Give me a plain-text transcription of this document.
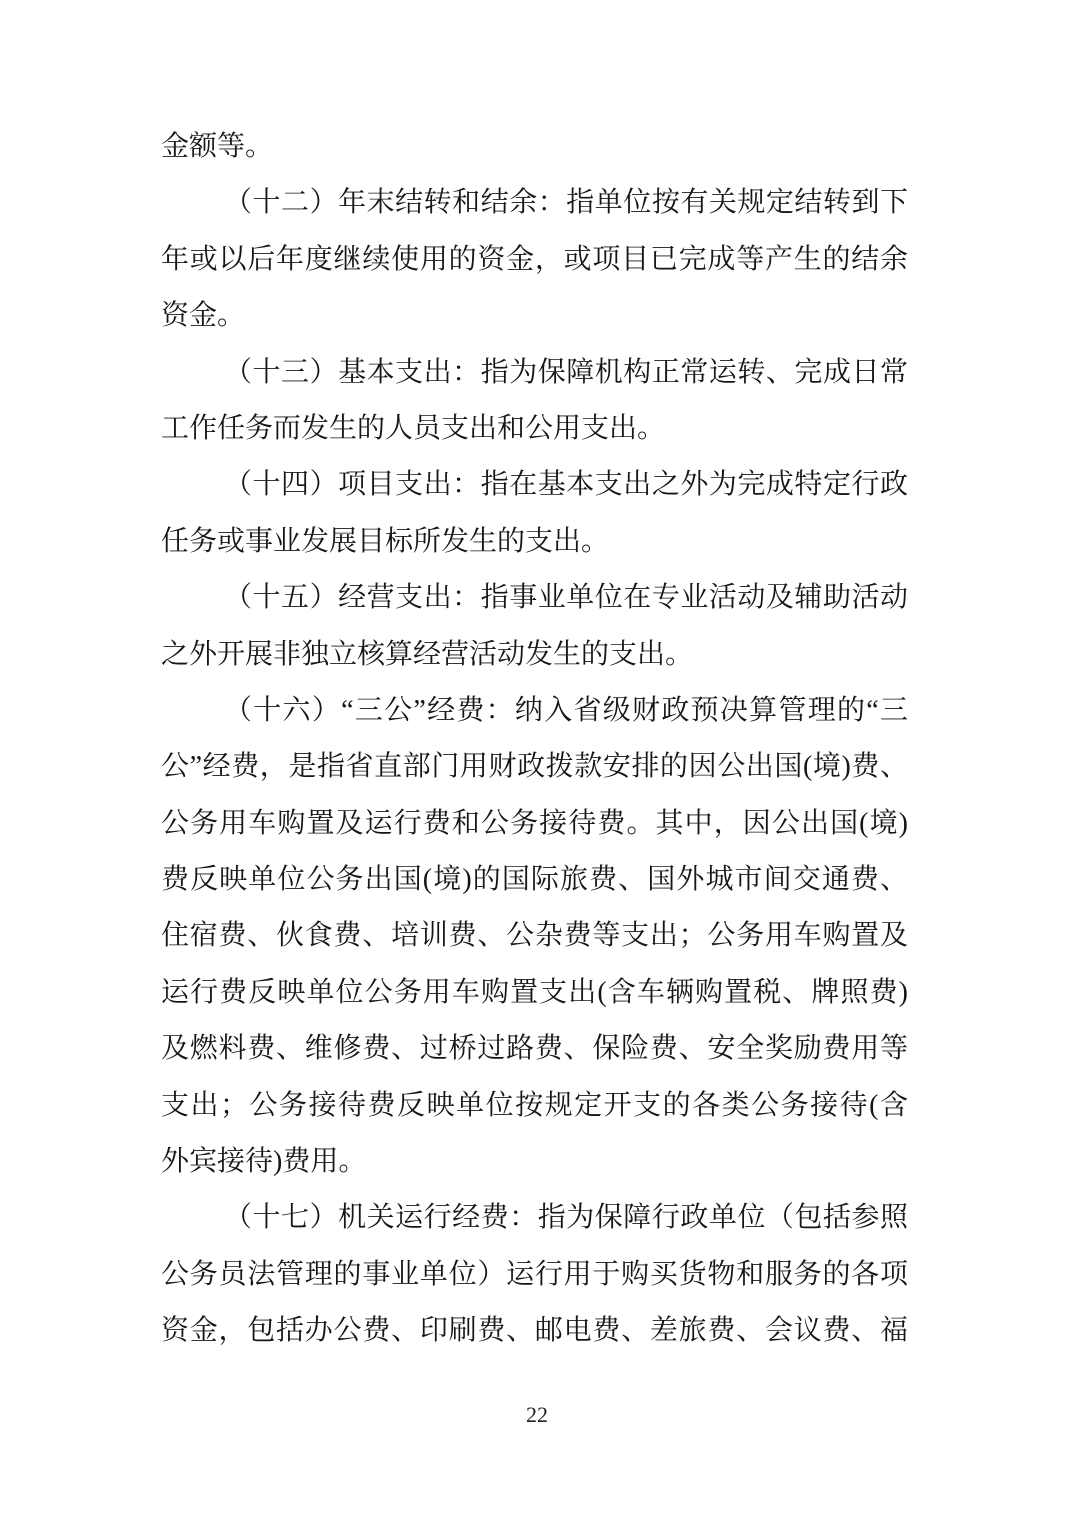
金额等。
（十二）年末结转和结余：指单位按有关规定结转到下
年或以后年度继续使用的资金，或项目已完成等产生的结余
资金。
（十三）基本支出：指为保障机构正常运转、完成日常
工作任务而发生的人员支出和公用支出。
（十四）项目支出：指在基本支出之外为完成特定行政
任务或事业发展目标所发生的支出。
（十五）经营支出：指事业单位在专业活动及辅助活动
之外开展非独立核算经营活动发生的支出。
（十六）“三公”经费：纳入省级财政预决算管理的“三
公”经费，是指省直部门用财政拨款安排的因公出国(境)费、
公务用车购置及运行费和公务接待费。其中，因公出国(境)
费反映单位公务出国(境)的国际旅费、国外城市间交通费、
住宿费、伙食费、培训费、公杂费等支出；公务用车购置及
运行费反映单位公务用车购置支出(含车辆购置税、牌照费)
及燃料费、维修费、过桥过路费、保险费、安全奖励费用等
支出；公务接待费反映单位按规定开支的各类公务接待(含
外宾接待)费用。
（十七）机关运行经费：指为保障行政单位（包括参照
公务员法管理的事业单位）运行用于购买货物和服务的各项
资金，包括办公费、印刷费、邮电费、差旅费、会议费、福
22
